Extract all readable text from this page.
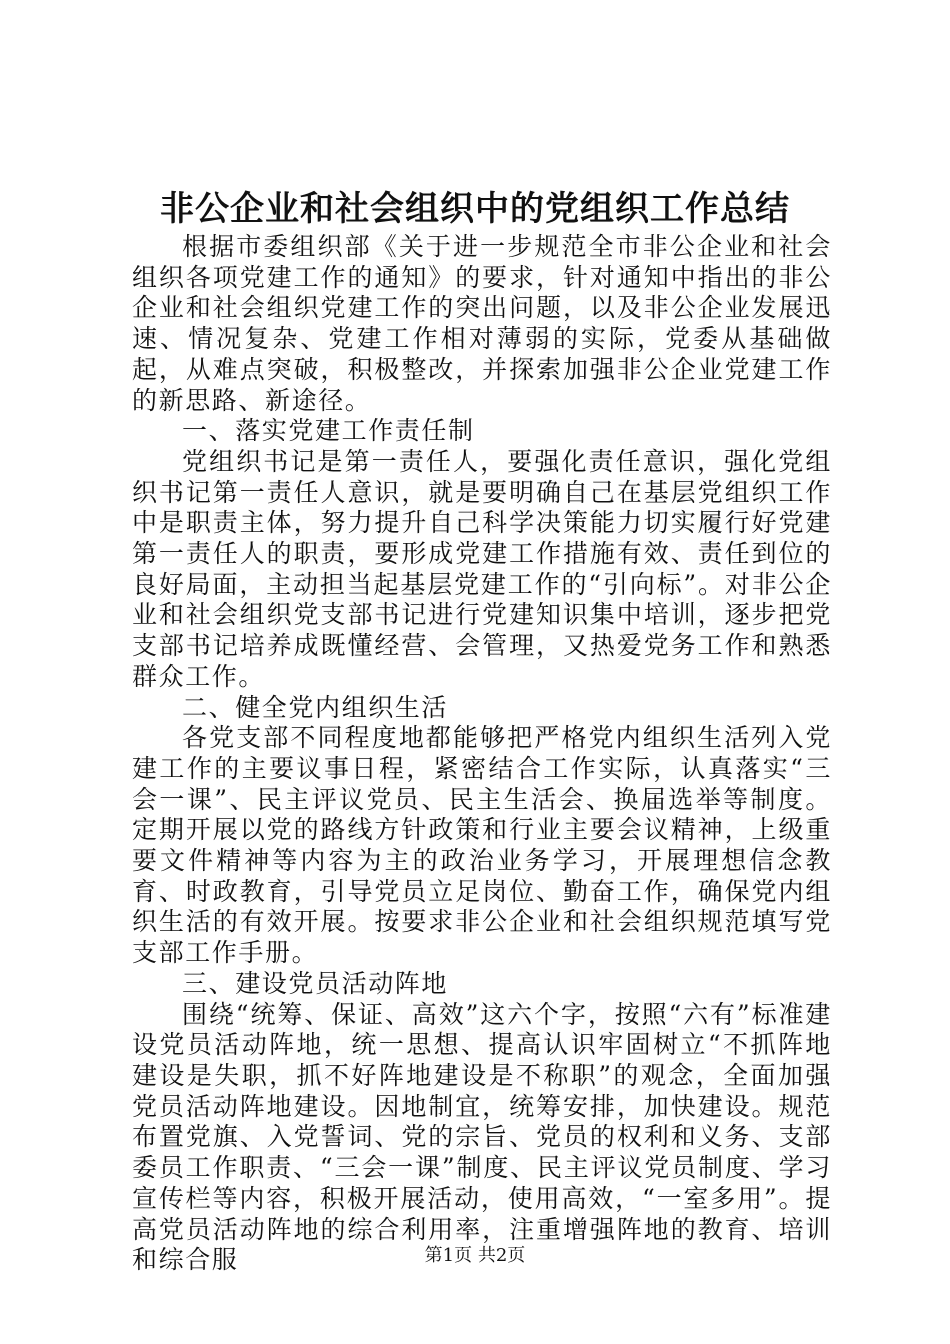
非公企业和社会组织中的党组织工作总结

根据市委组织部《关于进一步规范全市非公企业和社会组织各项党建工作的通知》的要求，针对通知中指出的非公企业和社会组织党建工作的突出问题，以及非公企业发展迅速、情况复杂、党建工作相对薄弱的实际，党委从基础做起，从难点突破，积极整改，并探索加强非公企业党建工作的新思路、新途径。

一、落实党建工作责任制

党组织书记是第一责任人，要强化责任意识，强化党组织书记第一责任人意识，就是要明确自己在基层党组织工作中是职责主体，努力提升自己科学决策能力切实履行好党建第一责任人的职责，要形成党建工作措施有效、责任到位的良好局面，主动担当起基层党建工作的“引向标”。对非公企业和社会组织党支部书记进行党建知识集中培训，逐步把党支部书记培养成既懂经营、会管理，又热爱党务工作和熟悉群众工作。

二、健全党内组织生活

各党支部不同程度地都能够把严格党内组织生活列入党建工作的主要议事日程，紧密结合工作实际，认真落实“三会一课”、民主评议党员、民主生活会、换届选举等制度。定期开展以党的路线方针政策和行业主要会议精神，上级重要文件精神等内容为主的政治业务学习，开展理想信念教育、时政教育，引导党员立足岗位、勤奋工作，确保党内组织生活的有效开展。按要求非公企业和社会组织规范填写党支部工作手册。

三、建设党员活动阵地

围绕“统筹、保证、高效”这六个字，按照“六有”标准建设党员活动阵地，统一思想、提高认识牢固树立“不抓阵地建设是失职，抓不好阵地建设是不称职”的观念，全面加强党员活动阵地建设。因地制宜，统筹安排，加快建设。规范布置党旗、入党誓词、党的宗旨、党员的权利和义务、支部委员工作职责、“三会一课”制度、民主评议党员制度、学习宣传栏等内容，积极开展活动，使用高效，“一室多用”。提高党员活动阵地的综合利用率，注重增强阵地的教育、培训和综合服	第1页 共2页
